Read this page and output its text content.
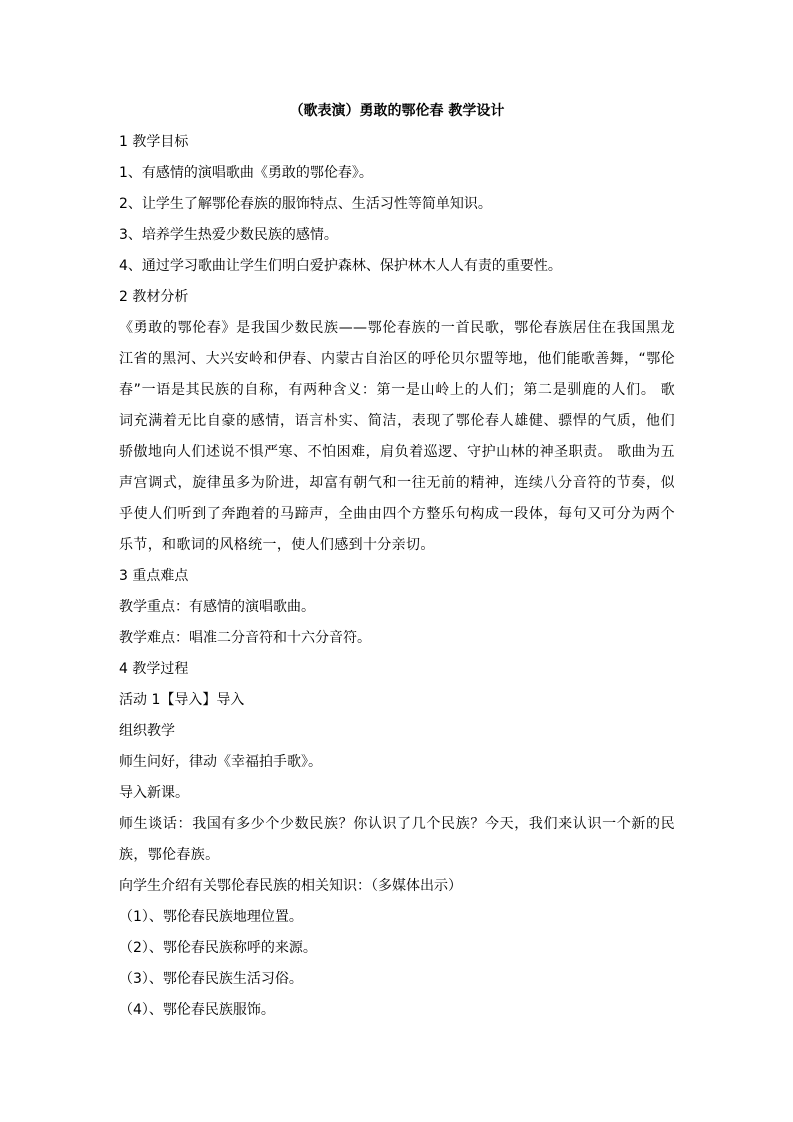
（歌表演）勇敢的鄂伦春 教学设计

1 教学目标

1、有感情的演唱歌曲《勇敢的鄂伦春》。

2、让学生了解鄂伦春族的服饰特点、生活习性等简单知识。

3、培养学生热爱少数民族的感情。

4、通过学习歌曲让学生们明白爱护森林、保护林木人人有责的重要性。

2 教材分析

《勇敢的鄂伦春》是我国少数民族——鄂伦春族的一首民歌，鄂伦春族居住在我国黑龙江省的黑河、大兴安岭和伊春、内蒙古自治区的呼伦贝尔盟等地，他们能歌善舞，“鄂伦春”一语是其民族的自称，有两种含义：第一是山岭上的人们；第二是驯鹿的人们。 歌词充满着无比自豪的感情，语言朴实、简洁，表现了鄂伦春人雄健、骠悍的气质，他们骄傲地向人们述说不惧严寒、不怕困难，肩负着巡逻、守护山林的神圣职责。 歌曲为五声宫调式，旋律虽多为阶进，却富有朝气和一往无前的精神，连续八分音符的节奏，似乎使人们听到了奔跑着的马蹄声，全曲由四个方整乐句构成一段体，每句又可分为两个乐节，和歌词的风格统一，使人们感到十分亲切。

3 重点难点

教学重点：有感情的演唱歌曲。

教学难点：唱准二分音符和十六分音符。

4 教学过程

活动 1【导入】导入

组织教学

师生问好，律动《幸福拍手歌》。

导入新课。

师生谈话：我国有多少个少数民族？你认识了几个民族？今天，我们来认识一个新的民族，鄂伦春族。

向学生介绍有关鄂伦春民族的相关知识：（多媒体出示）

（1）、鄂伦春民族地理位置。

（2）、鄂伦春民族称呼的来源。

（3）、鄂伦春民族生活习俗。

（4）、鄂伦春民族服饰。
